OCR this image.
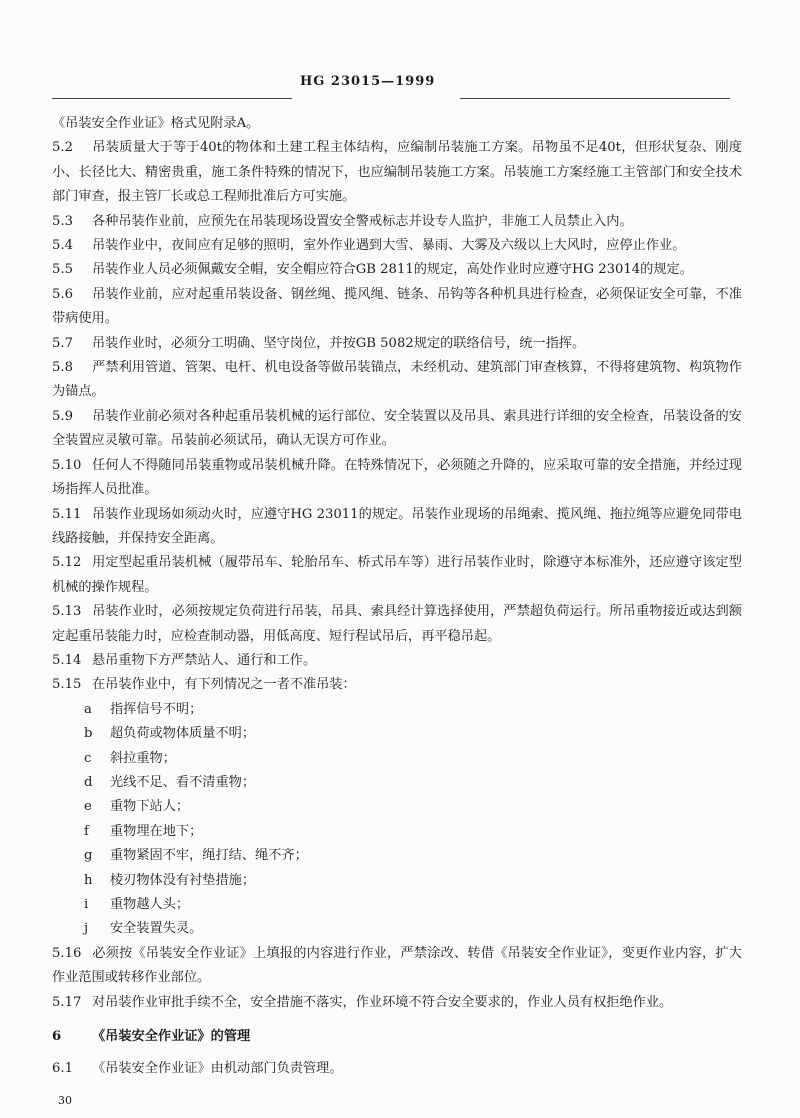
HG 23015—1999

《吊装安全作业证》格式见附录A。

5.2 吊装质量大于等于40t的物体和土建工程主体结构，应编制吊装施工方案。吊物虽不足40t，但形状复杂、刚度小、长径比大、精密贵重，施工条件特殊的情况下，也应编制吊装施工方案。吊装施工方案经施工主管部门和安全技术部门审查，报主管厂长或总工程师批准后方可实施。

5.3 各种吊装作业前，应预先在吊装现场设置安全警戒标志并设专人监护，非施工人员禁止入内。

5.4 吊装作业中，夜间应有足够的照明，室外作业遇到大雪、暴雨、大雾及六级以上大风时，应停止作业。

5.5 吊装作业人员必须佩戴安全帽，安全帽应符合GB 2811的规定，高处作业时应遵守HG 23014的规定。

5.6 吊装作业前，应对起重吊装设备、钢丝绳、揽风绳、链条、吊钩等各种机具进行检查，必须保证安全可靠，不准带病使用。

5.7 吊装作业时，必须分工明确、坚守岗位，并按GB 5082规定的联络信号，统一指挥。

5.8 严禁利用管道、管架、电杆、机电设备等做吊装锚点，未经机动、建筑部门审查核算，不得将建筑物、构筑物作为锚点。

5.9 吊装作业前必须对各种起重吊装机械的运行部位、安全装置以及吊具、索具进行详细的安全检查，吊装设备的安全装置应灵敏可靠。吊装前必须试吊，确认无误方可作业。

5.10 任何人不得随同吊装重物或吊装机械升降。在特殊情况下，必须随之升降的，应采取可靠的安全措施，并经过现场指挥人员批准。

5.11 吊装作业现场如须动火时，应遵守HG 23011的规定。吊装作业现场的吊绳索、揽风绳、拖拉绳等应避免同带电线路接触，并保持安全距离。

5.12 用定型起重吊装机械（履带吊车、轮胎吊车、桥式吊车等）进行吊装作业时，除遵守本标准外，还应遵守该定型机械的操作规程。

5.13 吊装作业时，必须按规定负荷进行吊装，吊具、索具经计算选择使用，严禁超负荷运行。所吊重物接近或达到额定起重吊装能力时，应检查制动器，用低高度、短行程试吊后，再平稳吊起。

5.14 悬吊重物下方严禁站人、通行和工作。

5.15 在吊装作业中，有下列情况之一者不准吊装：

a 指挥信号不明；

b 超负荷或物体质量不明；

c 斜拉重物；

d 光线不足、看不清重物；

e 重物下站人；

f 重物埋在地下；

g 重物紧固不牢，绳打结、绳不齐；

h 棱刃物体没有衬垫措施；

i 重物越人头；

j 安全装置失灵。

5.16 必须按《吊装安全作业证》上填报的内容进行作业，严禁涂改、转借《吊装安全作业证》，变更作业内容，扩大作业范围或转移作业部位。

5.17 对吊装作业审批手续不全，安全措施不落实，作业环境不符合安全要求的，作业人员有权拒绝作业。

6 《吊装安全作业证》的管理

6.1 《吊装安全作业证》由机动部门负责管理。

30
